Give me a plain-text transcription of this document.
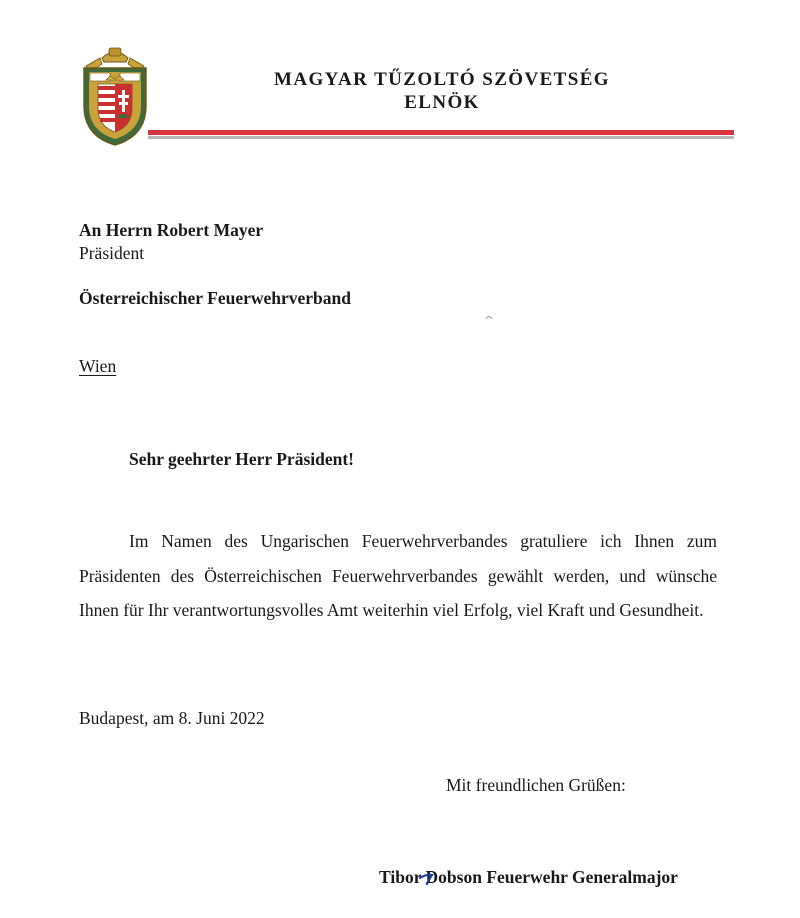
MAGYAR TŰZOLTÓ SZÖVETSÉG
ELNÖK
An Herrn Robert Mayer
Präsident
Österreichischer Feuerwehrverband
Wien
Sehr geehrter Herr Präsident!

Im Namen des Ungarischen Feuerwehrverbandes gratuliere ich Ihnen zum Präsidenten des Österreichischen Feuerwehrverbandes gewählt werden, und wünsche Ihnen für Ihr verantwortungsvolles Amt weiterhin viel Erfolg, viel Kraft und Gesundheit.

Budapest, am 8. Juni 2022
Mit freundlichen Grüßen:
Tibor Dobson Feuerwehr Generalmajor
